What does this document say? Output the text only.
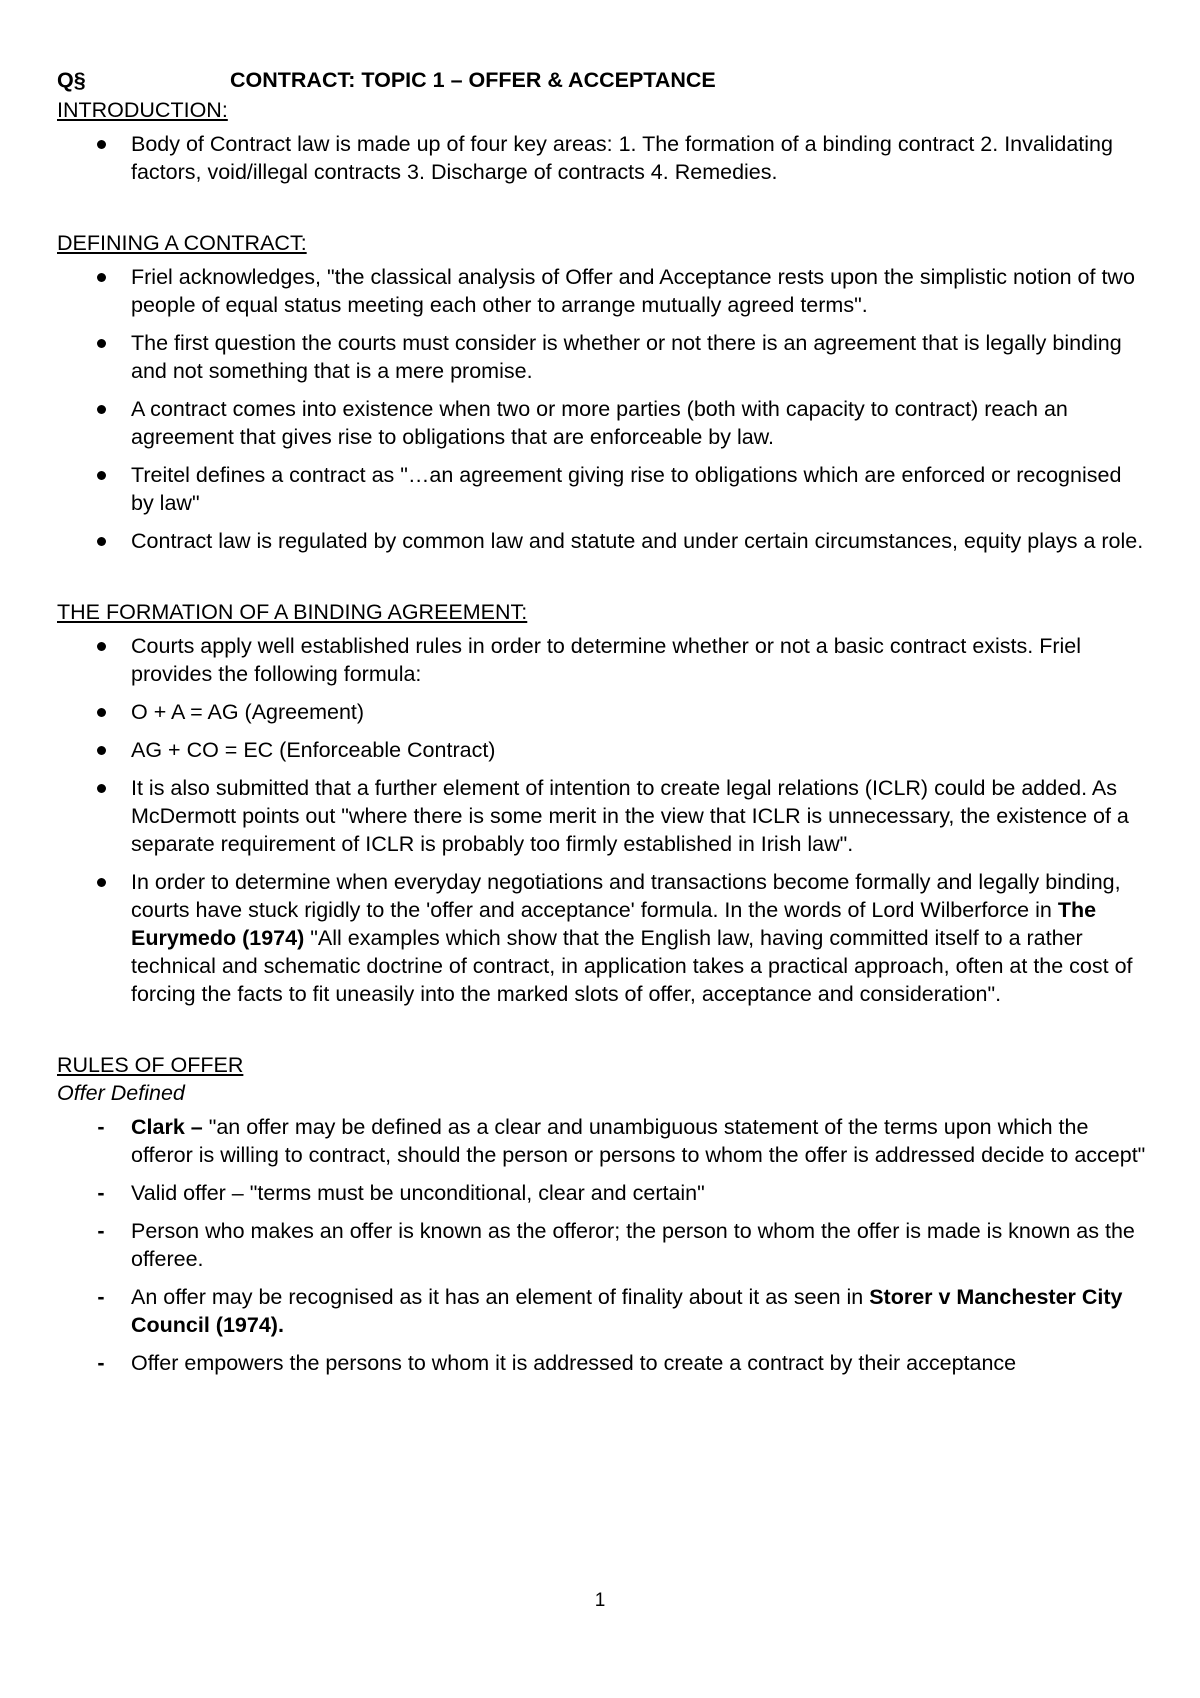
Q§	CONTRACT: TOPIC 1 – OFFER & ACCEPTANCE
INTRODUCTION:
Body of Contract law is made up of four key areas: 1. The formation of a binding contract 2. Invalidating factors, void/illegal contracts 3. Discharge of contracts 4. Remedies.
DEFINING A CONTRACT:
Friel acknowledges, "the classical analysis of Offer and Acceptance rests upon the simplistic notion of two people of equal status meeting each other to arrange mutually agreed terms".
The first question the courts must consider is whether or not there is an agreement that is legally binding and not something that is a mere promise.
A contract comes into existence when two or more parties (both with capacity to contract) reach an agreement that gives rise to obligations that are enforceable by law.
Treitel defines a contract as "…an agreement giving rise to obligations which are enforced or recognised by law"
Contract law is regulated by common law and statute and under certain circumstances, equity plays a role.
THE FORMATION OF A BINDING AGREEMENT:
Courts apply well established rules in order to determine whether or not a basic contract exists. Friel provides the following formula:
O + A = AG (Agreement)
AG + CO = EC (Enforceable Contract)
It is also submitted that a further element of intention to create legal relations (ICLR) could be added. As McDermott points out "where there is some merit in the view that ICLR is unnecessary, the existence of a separate requirement of ICLR is probably too firmly established in Irish law".
In order to determine when everyday negotiations and transactions become formally and legally binding, courts have stuck rigidly to the 'offer and acceptance' formula. In the words of Lord Wilberforce in The Eurymedo (1974) "All examples which show that the English law, having committed itself to a rather technical and schematic doctrine of contract, in application takes a practical approach, often at the cost of forcing the facts to fit uneasily into the marked slots of offer, acceptance and consideration".
RULES OF OFFER
Offer Defined
- Clark – "an offer may be defined as a clear and unambiguous statement of the terms upon which the offeror is willing to contract, should the person or persons to whom the offer is addressed decide to accept"
- Valid offer – "terms must be unconditional, clear and certain"
- Person who makes an offer is known as the offeror; the person to whom the offer is made is known as the offeree.
- An offer may be recognised as it has an element of finality about it as seen in Storer v Manchester City Council (1974).
- Offer empowers the persons to whom it is addressed to create a contract by their acceptance
1
